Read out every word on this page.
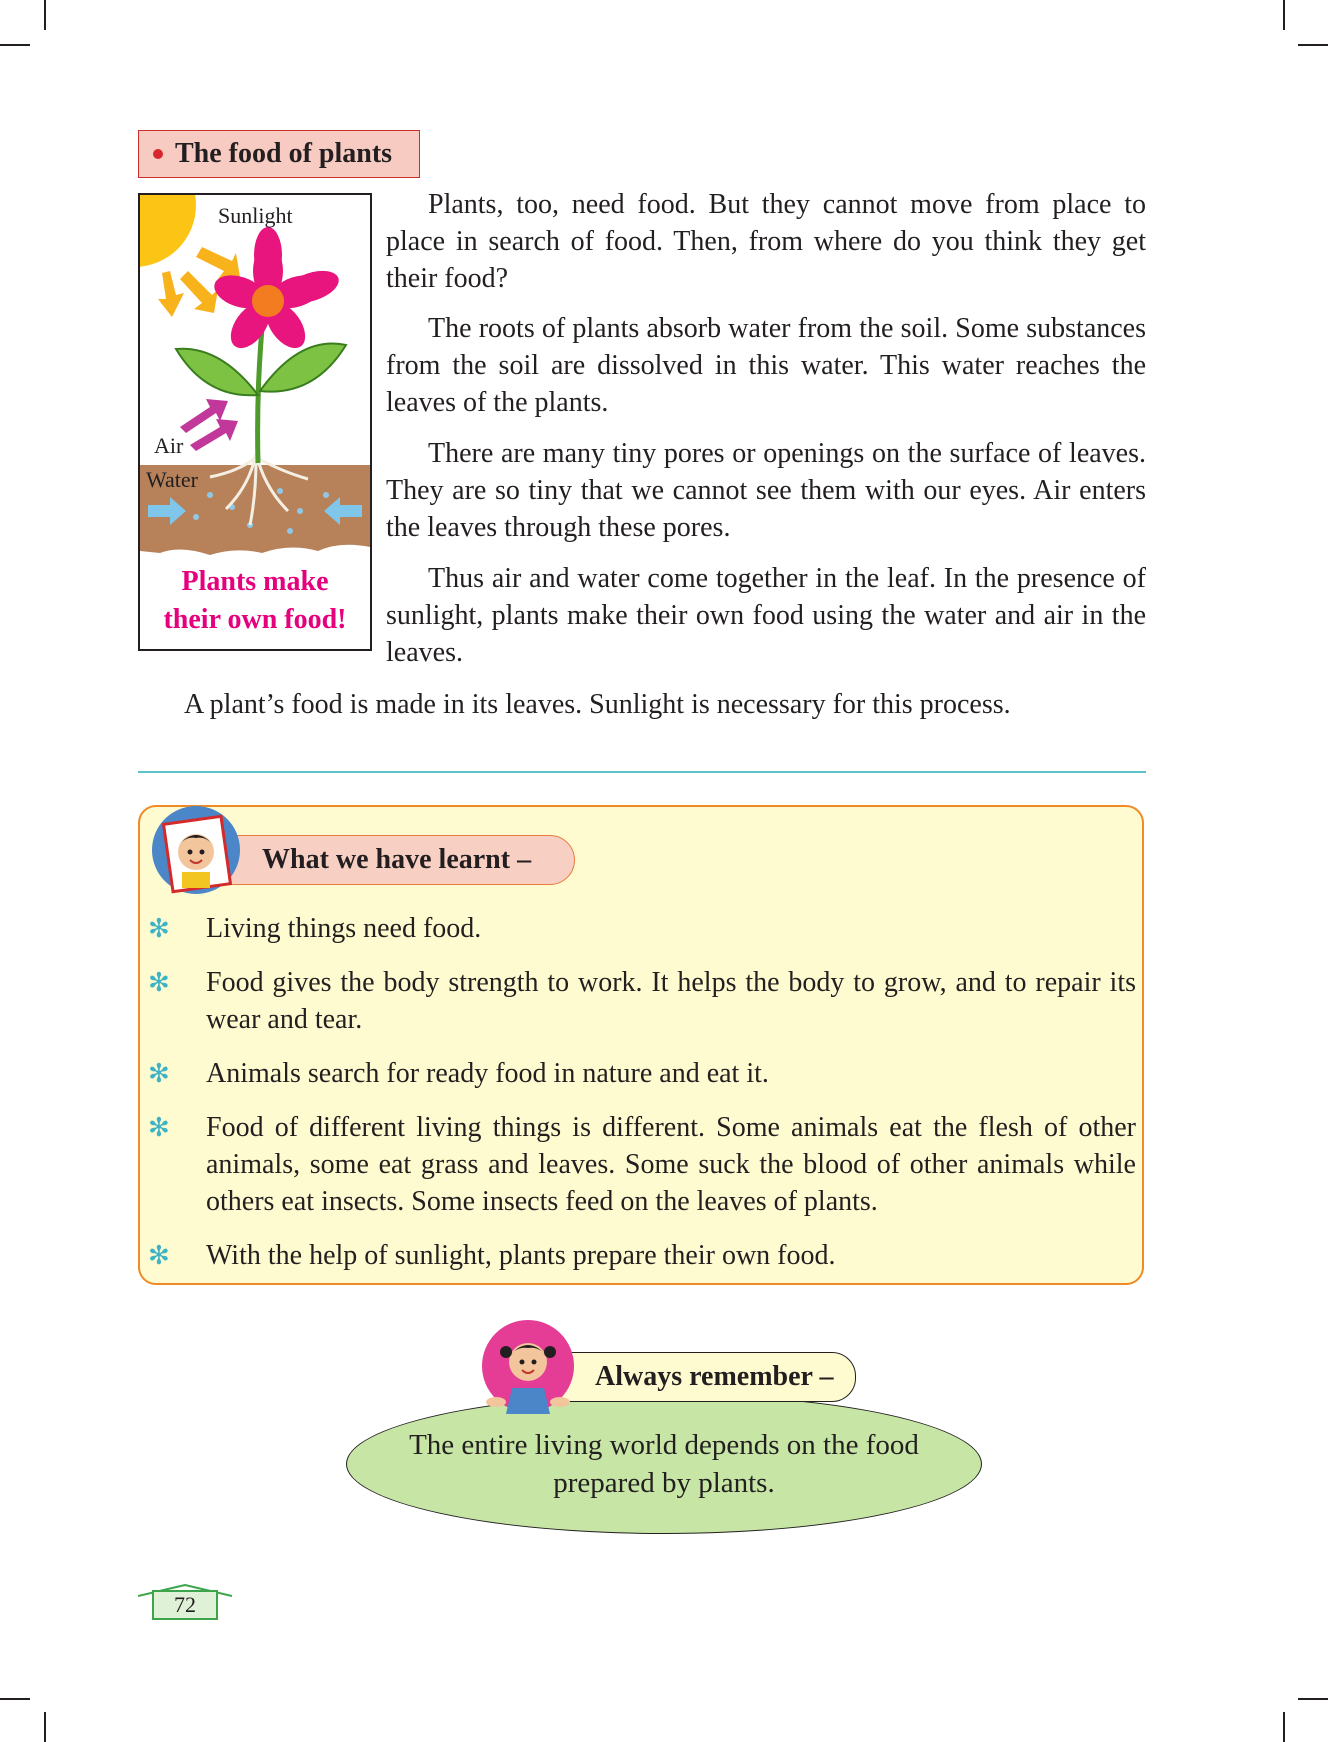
The food of plants
Sunlight
Air
Water
Plants make
their own food!

Plants, too, need food. But they cannot move from place to place in search of food. Then, from where do you think they get their food?

The roots of plants absorb water from the soil. Some substances from the soil are dissolved in this water. This water reaches the leaves of the plants.

There are many tiny pores or openings on the surface of leaves. They are so tiny that we cannot see them with our eyes. Air enters the leaves through these pores.

Thus air and water come together in the leaf. In the presence of sunlight, plants make their own food using the water and air in the leaves.

A plant’s food is made in its leaves. Sunlight is necessary for this process.

What we have learnt –
✻ Living things need food.
✻ Food gives the body strength to work. It helps the body to grow, and to repair its wear and tear.
✻ Animals search for ready food in nature and eat it.
✻ Food of different living things is different. Some animals eat the flesh of other animals, some eat grass and leaves. Some suck the blood of other animals while others eat insects. Some insects feed on the leaves of plants.
✻ With the help of sunlight, plants prepare their own food.
The entire living world depends on the food prepared by plants.
Always remember –
72
